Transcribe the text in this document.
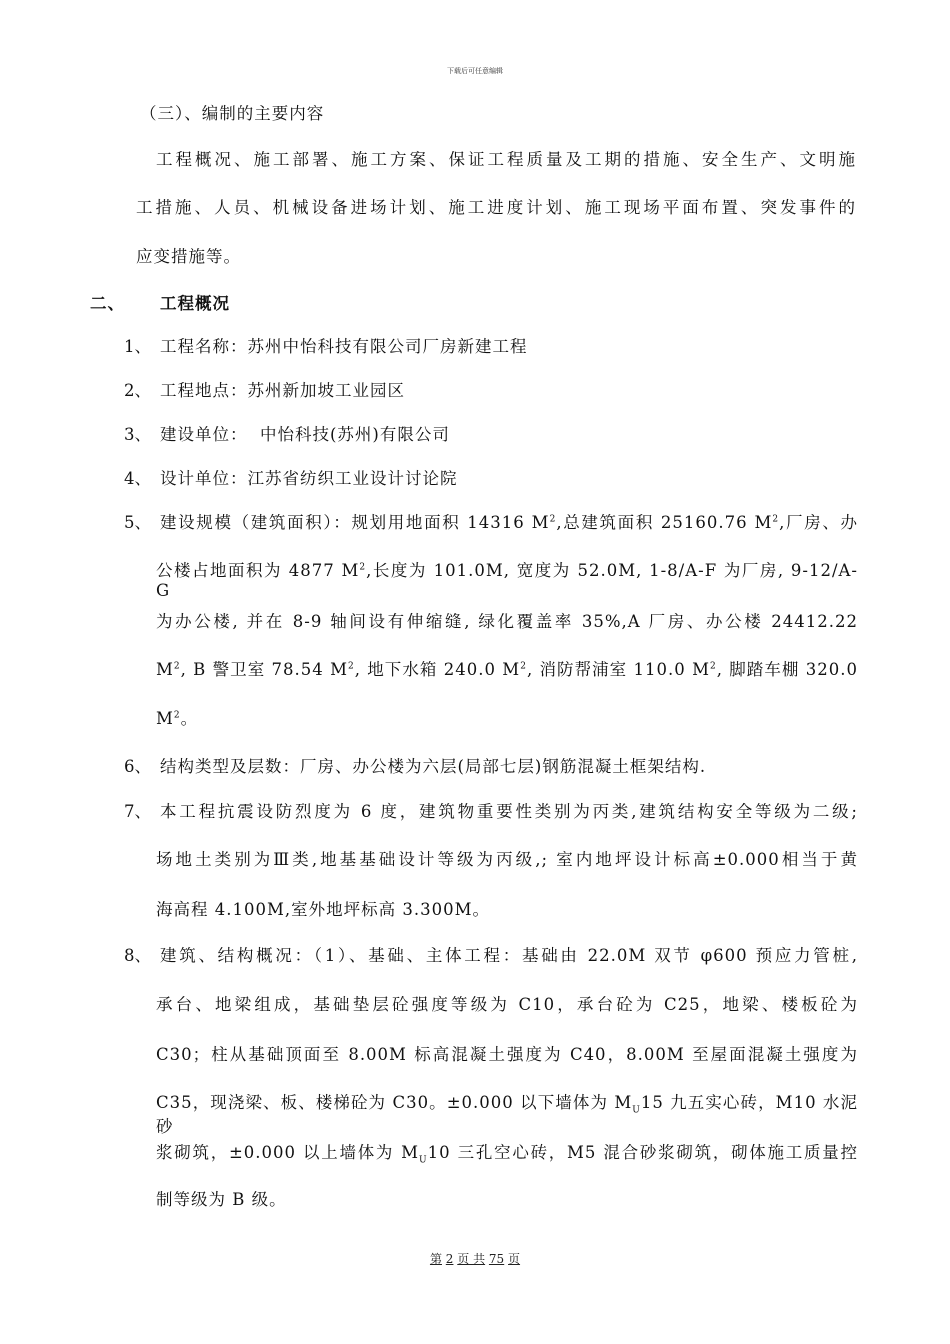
下载后可任意编辑
（三）、编制的主要内容
工程概况、施工部署、施工方案、保证工程质量及工期的措施、安全生产、文明施
工措施、人员、机械设备进场计划、施工进度计划、施工现场平面布置、突发事件的
应变措施等。
二、 工程概况
1、 工程名称：苏州中怡科技有限公司厂房新建工程
2、 工程地点：苏州新加坡工业园区
3、 建设单位：  中怡科技(苏州)有限公司
4、 设计单位：江苏省纺织工业设计讨论院
5、 建设规模（建筑面积）：规划用地面积 14316 $M^2$,总建筑面积 25160.76 $M^2$,厂房、办
公楼占地面积为 4877 $M^2$,长度为 101.0M, 宽度为 52.0M, 1-8/A-F 为厂房, 9-12/A-G
为办公楼, 并在 8-9 轴间设有伸缩缝, 绿化覆盖率 35%,A 厂房、办公楼 24412.22
$M^2$, B 警卫室 78.54 $M^2$, 地下水箱 240.0 $M^2$, 消防帮浦室 110.0 $M^2$, 脚踏车棚 320.0
$M^2$。
6、 结构类型及层数：厂房、办公楼为六层(局部七层)钢筋混凝土框架结构.
7、 本工程抗震设防烈度为 6 度，建筑物重要性类别为丙类,建筑结构安全等级为二级;
场地土类别为Ⅲ类,地基基础设计等级为丙级,; 室内地坪设计标高±0.000相当于黄
海高程 4.100M,室外地坪标高 3.300M。
8、 建筑、结构概况：（1）、基础、主体工程：基础由 22.0M 双节 φ600 预应力管桩,
承台、地梁组成，基础垫层砼强度等级为 C10，承台砼为 C25，地梁、楼板砼为
C30；柱从基础顶面至 8.00M 标高混凝土强度为 C40，8.00M 至屋面混凝土强度为
C35，现浇梁、板、楼梯砼为 C30。±0.000 以下墙体为 $M_U15$ 九五实心砖，M10 水泥砂
浆砌筑，±0.000 以上墙体为 $M_U10$ 三孔空心砖，M5 混合砂浆砌筑，砌体施工质量控
制等级为 B 级。
第 2 页 共 75 页
